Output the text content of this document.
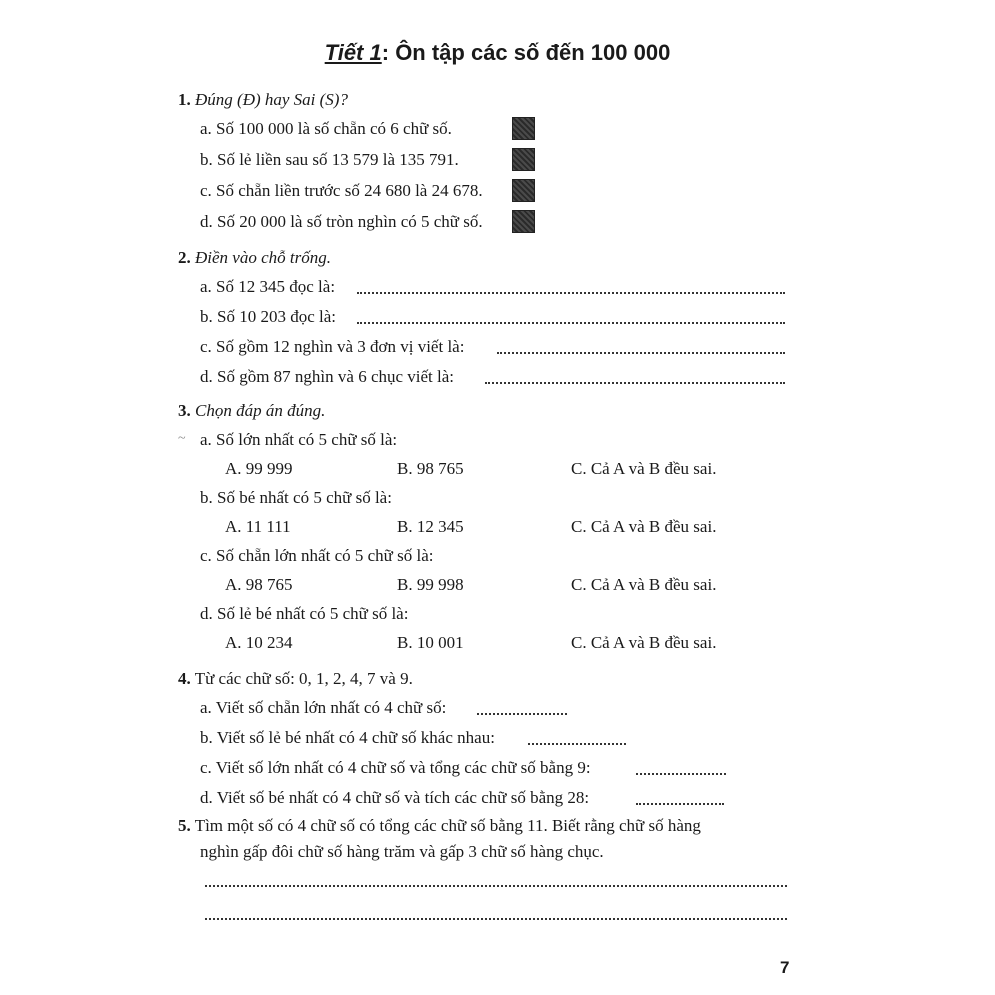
Tiết 1: Ôn tập các số đến 100 000
1. Đúng (Đ) hay Sai (S)?
a. Số 100 000 là số chẵn có 6 chữ số.
b. Số lẻ liền sau số 13 579 là 135 791.
c. Số chẵn liền trước số 24 680 là 24 678.
d. Số 20 000 là số tròn nghìn có 5 chữ số.
2. Điền vào chỗ trống.
a. Số 12 345 đọc là:
b. Số 10 203 đọc là:
c. Số gồm 12 nghìn và 3 đơn vị viết là:
d. Số gồm 87 nghìn và 6 chục viết là:
3. Chọn đáp án đúng.
~ a. Số lớn nhất có 5 chữ số là:
A. 99 999	B. 98 765	C. Cả A và B đều sai.
b. Số bé nhất có 5 chữ số là:
A. 11 111	B. 12 345	C. Cả A và B đều sai.
c. Số chẵn lớn nhất có 5 chữ số là:
A. 98 765	B. 99 998	C. Cả A và B đều sai.
d. Số lẻ bé nhất có 5 chữ số là:
A. 10 234	B. 10 001	C. Cả A và B đều sai.
4. Từ các chữ số: 0, 1, 2, 4, 7 và 9.
a. Viết số chẵn lớn nhất có 4 chữ số:
b. Viết số lẻ bé nhất có 4 chữ số khác nhau:
c. Viết số lớn nhất có 4 chữ số và tổng các chữ số bằng 9:
d. Viết số bé nhất có 4 chữ số và tích các chữ số bằng 28:
5. Tìm một số có 4 chữ số có tổng các chữ số bằng 11. Biết rằng chữ số hàng
nghìn gấp đôi chữ số hàng trăm và gấp 3 chữ số hàng chục.
7
